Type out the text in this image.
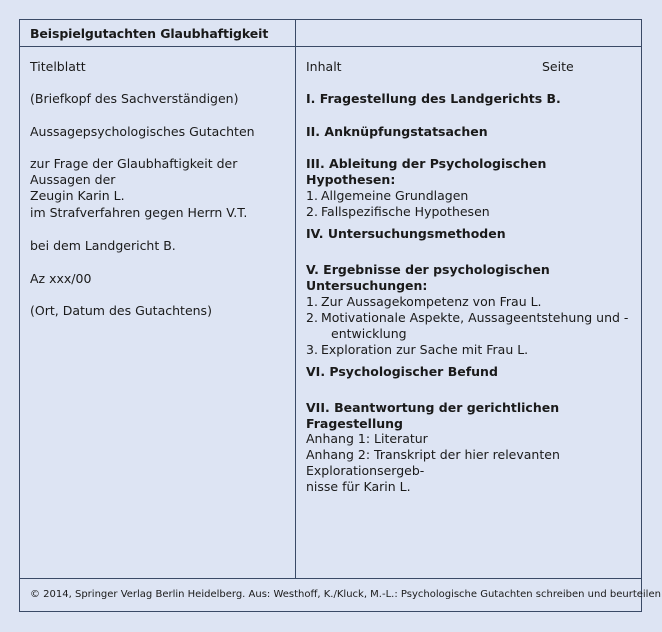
Beispielgutachten Glaubhaftigkeit
Titelblatt
(Briefkopf des Sachverständigen)
Aussagepsychologisches Gutachten
zur Frage der Glaubhaftigkeit der Aussagen der
Zeugin Karin L.
im Strafverfahren gegen Herrn V.T.
bei dem Landgericht B.
Az xxx/00
(Ort, Datum des Gutachtens)
Inhalt	Seite
I. Fragestellung des Landgerichts B.
II. Anknüpfungstatsachen
III. Ableitung der Psychologischen Hypothesen:
1. Allgemeine Grundlagen
2. Fallspezifische Hypothesen
IV. Untersuchungsmethoden
V. Ergebnisse der psychologischen Untersuchungen:
1. Zur Aussagekompetenz von Frau L.
2. Motivationale Aspekte, Aussageentstehung und -
entwicklung
3. Exploration zur Sache mit Frau L.
VI. Psychologischer Befund
VII. Beantwortung der gerichtlichen Fragestellung
Anhang 1: Literatur
Anhang 2: Transkript der hier relevanten Explorationsergeb-
nisse für Karin L.
© 2014, Springer Verlag Berlin Heidelberg. Aus: Westhoff, K./Kluck, M.-L.: Psychologische Gutachten schreiben und beurteilen
